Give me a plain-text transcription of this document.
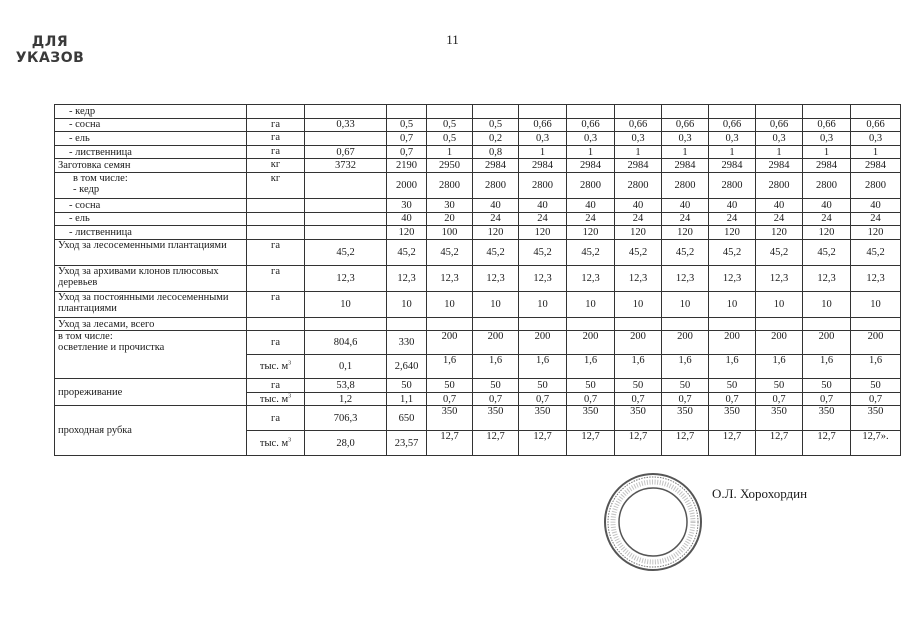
11
- кедр														
- сосна	га	0,33	0,5	0,5	0,5	0,66	0,66	0,66	0,66	0,66	0,66	0,66	0,66	
- ель	га		0,7	0,5	0,2	0,3	0,3	0,3	0,3	0,3	0,3	0,3	0,3	
- лиственница	га	0,67	0,7	1	0,8	1	1	1	1	1	1	1	1	
Заготовка семян	кг	3732	2190	2950	2984	2984	2984	2984	2984	2984	2984	2984	2984	
в том числе:
- кедр	кг		2000	2800	2800	2800	2800	2800	2800	2800	2800	2800	2800	
- сосна			30	30	40	40	40	40	40	40	40	40	40	
- ель			40	20	24	24	24	24	24	24	24	24	24	
- лиственница			120	100	120	120	120	120	120	120	120	120	120	
Уход за лесосеменными плантациями	га	45,2	45,2	45,2	45,2	45,2	45,2	45,2	45,2	45,2	45,2	45,2	45,2	
Уход за архивами клонов плюсовых деревьев	га	12,3	12,3	12,3	12,3	12,3	12,3	12,3	12,3	12,3	12,3	12,3	12,3	
Уход за постоянными лесосеменными плантациями	га	10	10	10	10	10	10	10	10	10	10	10	10	
Уход за лесами, всего														
в том числе:
осветление и прочистка	га	804,6	330	200	200	200	200	200	200	200	200	200	200	
	тыс. $м^3$	0,1	2,640	1,6	1,6	1,6	1,6	1,6	1,6	1,6	1,6	1,6	1,6	
прореживание	га	53,8	50	50	50	50	50	50	50	50	50	50	50	
	тыс. $м^3$	1,2	1,1	0,7	0,7	0,7	0,7	0,7	0,7	0,7	0,7	0,7	0,7	
проходная рубка	га	706,3	650	350	350	350	350	350	350	350	350	350	350	
	тыс. $м^3$	28,0	23,57	12,7	12,7	12,7	12,7	12,7	12,7	12,7	12,7	12,7	12,7».	
ДЛЯ
УКАЗОВ
О.Л. Хорохордин
